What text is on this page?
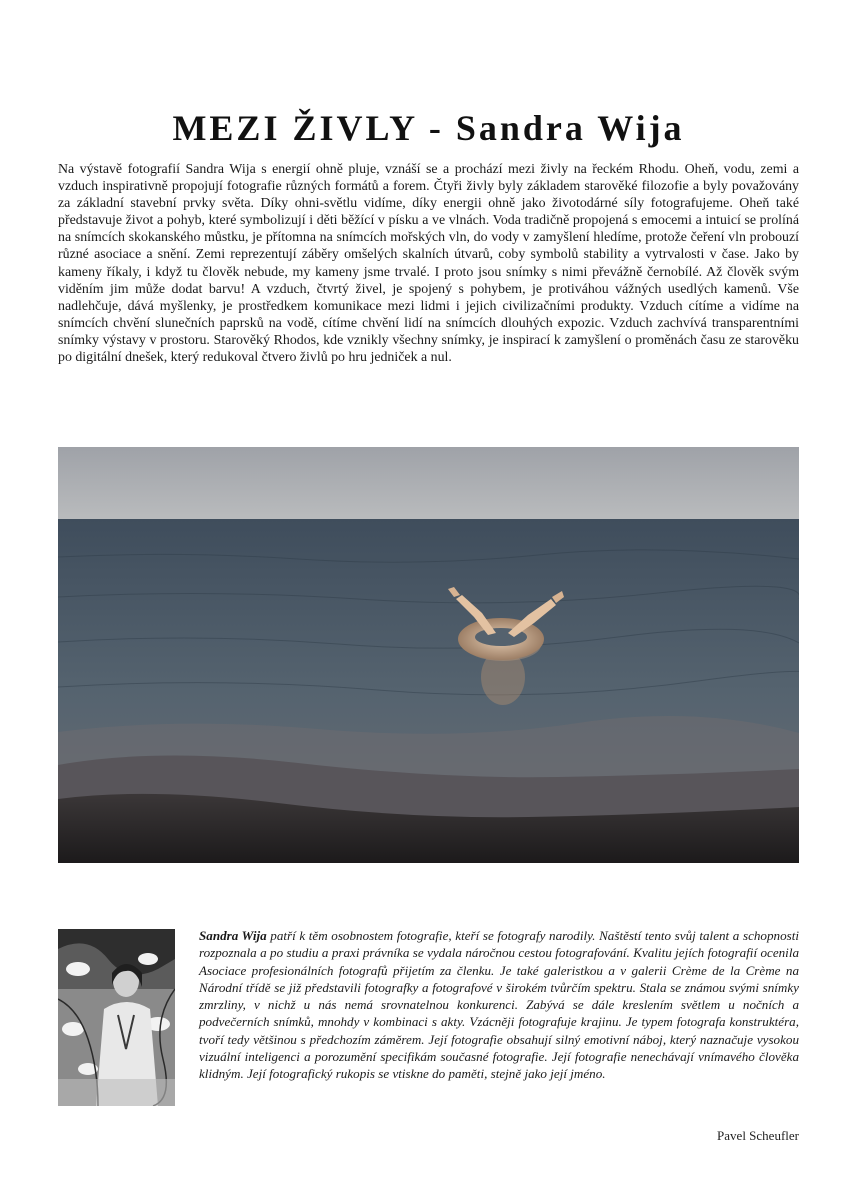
MEZI ŽIVLY - Sandra Wija

Na výstavě fotografií Sandra Wija s energií ohně pluje, vznáší se a prochází mezi živly na řeckém Rhodu. Oheň, vodu, zemi a vzduch inspirativně propojují fotografie různých formátů a forem. Čtyři živly byly základem starověké filozofie a byly považovány za základní stavební prvky světa. Díky ohni-světlu vidíme, díky energii ohně jako životodárné síly fotografujeme. Oheň také představuje život a pohyb, které symbolizují i děti běžící v písku a ve vlnách. Voda tradičně propojená s emocemi a intuicí se prolíná na snímcích skokanského můstku, je přítomna na snímcích mořských vln, do vody v zamyšlení hledíme, protože čeření vln probouzí různé asociace a snění. Zemi reprezentují záběry omšelých skalních útvarů, coby symbolů stability a vytrvalosti v čase. Jako by kameny říkaly, i když tu člověk nebude, my kameny jsme trvalé. I proto jsou snímky s nimi převážně černobílé. Až člověk svým viděním jim může dodat barvu! A vzduch, čtvrtý živel, je spojený s pohybem, je protiváhou vážných usedlých kamenů. Vše nadlehčuje, dává myšlenky, je prostředkem komunikace mezi lidmi i jejich civilizačními produkty. Vzduch cítíme a vidíme na snímcích chvění slunečních paprsků na vodě, cítíme chvění lidí na snímcích dlouhých expozic. Vzduch zachvívá transparentními snímky výstavy v prostoru. Starověký Rhodos, kde vznikly všechny snímky, je inspirací k zamyšlení o proměnách času ze starověku po digitální dnešek, který redukoval čtvero živlů po hru jedniček a nul.

Sandra Wija patří k těm osobnostem fotografie, kteří se fotografy narodily. Naštěstí tento svůj talent a schopnosti rozpoznala a po studiu a praxi právníka se vydala náročnou cestou fotografování. Kvalitu jejích fotografií ocenila Asociace profesionálních fotografů přijetím za členku. Je také galeristkou a v galerii Crème de la Crème na Národní třídě se již představili fotografky a fotografové v širokém tvůrčím spektru. Stala se známou svými snímky zmrzliny, v nichž u nás nemá srovnatelnou konkurenci. Zabývá se dále kreslením světlem u nočních a podvečerních snímků, mnohdy v kombinaci s akty. Vzácněji fotografuje krajinu. Je typem fotografa konstruktéra, tvoří tedy většinou s předchozím záměrem. Její fotografie obsahují silný emotivní náboj, který naznačuje vysokou vizuální inteligenci a porozumění specifikám současné fotografie. Její fotografie nenechávají vnímavého člověka klidným. Její fotografický rukopis se vtiskne do paměti, stejně jako její jméno.

Pavel Scheufler
